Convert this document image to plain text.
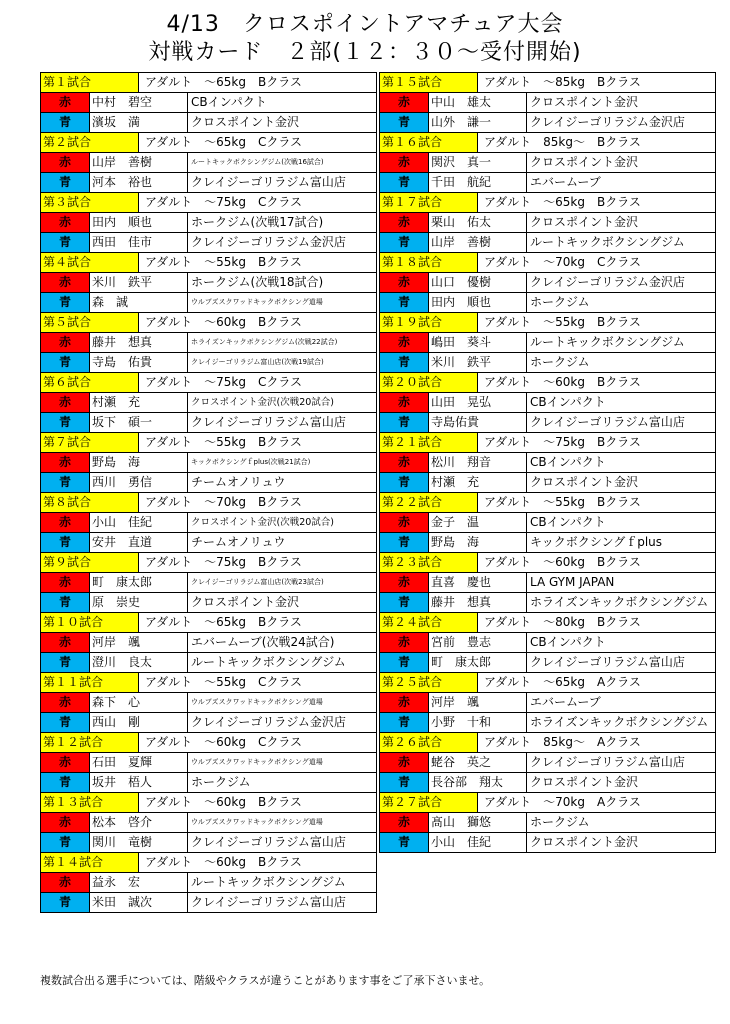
4/13　クロスポイントアマチュア大会
対戦カード　２部(１２：３０～受付開始)
第１試合	アダルト　～65kg　Bクラス
赤	中村　碧空	CBインパクト
青	濱坂　満	クロスポイント金沢
第２試合	アダルト　～65kg　Cクラス
赤	山岸　善樹	ルートキックボクシングジム(次戦16試合)
青	河本　裕也	クレイジーゴリラジム富山店
第３試合	アダルト　～75kg　Cクラス
赤	田内　順也	ホークジム(次戦17試合)
青	西田　佳市	クレイジーゴリラジム金沢店
第４試合	アダルト　～55kg　Bクラス
赤	米川　鉄平	ホークジム(次戦18試合)
青	森　誠	ウルブズスクワッドキックボクシング道場
第５試合	アダルト　～60kg　Bクラス
赤	藤井　想真	ホライズンキックボクシングジム(次戦22試合)
青	寺島　佑貴	クレイジーゴリラジム富山店(次戦19試合)
第６試合	アダルト　～75kg　Cクラス
赤	村瀬　充	クロスポイント金沢(次戦20試合)
青	坂下　碩一	クレイジーゴリラジム富山店
第７試合	アダルト　～55kg　Bクラス
赤	野島　海	キックボクシングｆplus(次戦21試合)
青	西川　勇信	チームオノリュウ
第８試合	アダルト　～70kg　Bクラス
赤	小山　佳紀	クロスポイント金沢(次戦20試合)
青	安井　直道	チームオノリュウ
第９試合	アダルト　～75kg　Bクラス
赤	町　康太郎	クレイジーゴリラジム富山店(次戦23試合)
青	原　崇史	クロスポイント金沢
第１０試合	アダルト　～65kg　Bクラス
赤	河岸　颯	エバームーブ(次戦24試合)
青	澄川　良太	ルートキックボクシングジム
第１１試合	アダルト　～55kg　Cクラス
赤	森下　心	ウルブズスクワッドキックボクシング道場
青	西山　剛	クレイジーゴリラジム金沢店
第１２試合	アダルト　～60kg　Cクラス
赤	石田　夏輝	ウルブズスクワッドキックボクシング道場
青	坂井　梧人	ホークジム
第１３試合	アダルト　～60kg　Bクラス
赤	松本　啓介	ウルブズスクワッドキックボクシング道場
青	関川　竜樹	クレイジーゴリラジム富山店
第１４試合	アダルト　～60kg　Bクラス
赤	益永　宏	ルートキックボクシングジム
青	米田　誠次	クレイジーゴリラジム富山店
第１５試合	アダルト　～85kg　Bクラス
赤	中山　雄太	クロスポイント金沢
青	山外　謙一	クレイジーゴリラジム金沢店
第１６試合	アダルト　85kg～　Bクラス
赤	関沢　真一	クロスポイント金沢
青	千田　航紀	エバームーブ
第１７試合	アダルト　～65kg　Bクラス
赤	栗山　佑太	クロスポイント金沢
青	山岸　善樹	ルートキックボクシングジム
第１８試合	アダルト　～70kg　Cクラス
赤	山口　優樹	クレイジーゴリラジム金沢店
青	田内　順也	ホークジム
第１９試合	アダルト　～55kg　Bクラス
赤	嶋田　葵斗	ルートキックボクシングジム
青	米川　鉄平	ホークジム
第２０試合	アダルト　～60kg　Bクラス
赤	山田　晃弘	CBインパクト
青	寺島佑貴	クレイジーゴリラジム富山店
第２１試合	アダルト　～75kg　Bクラス
赤	松川　翔音	CBインパクト
青	村瀬　充	クロスポイント金沢
第２２試合	アダルト　～55kg　Bクラス
赤	金子　温	CBインパクト
青	野島　海	キックボクシングｆplus
第２３試合	アダルト　～60kg　Bクラス
赤	直喜　慶也	LA GYM JAPAN
青	藤井　想真	ホライズンキックボクシングジム
第２４試合	アダルト　～80kg　Bクラス
赤	宮前　豊志	CBインパクト
青	町　康太郎	クレイジーゴリラジム富山店
第２５試合	アダルト　～65kg　Aクラス
赤	河岸　颯	エバームーブ
青	小野　十和	ホライズンキックボクシングジム
第２６試合	アダルト　85kg～　Aクラス
赤	蛯谷　英之	クレイジーゴリラジム富山店
青	長谷部　翔太	クロスポイント金沢
第２７試合	アダルト　～70kg　Aクラス
赤	髙山　獅悠	ホークジム
青	小山　佳紀	クロスポイント金沢
複数試合出る選手については、階級やクラスが違うことがあります事をご了承下さいませ。
